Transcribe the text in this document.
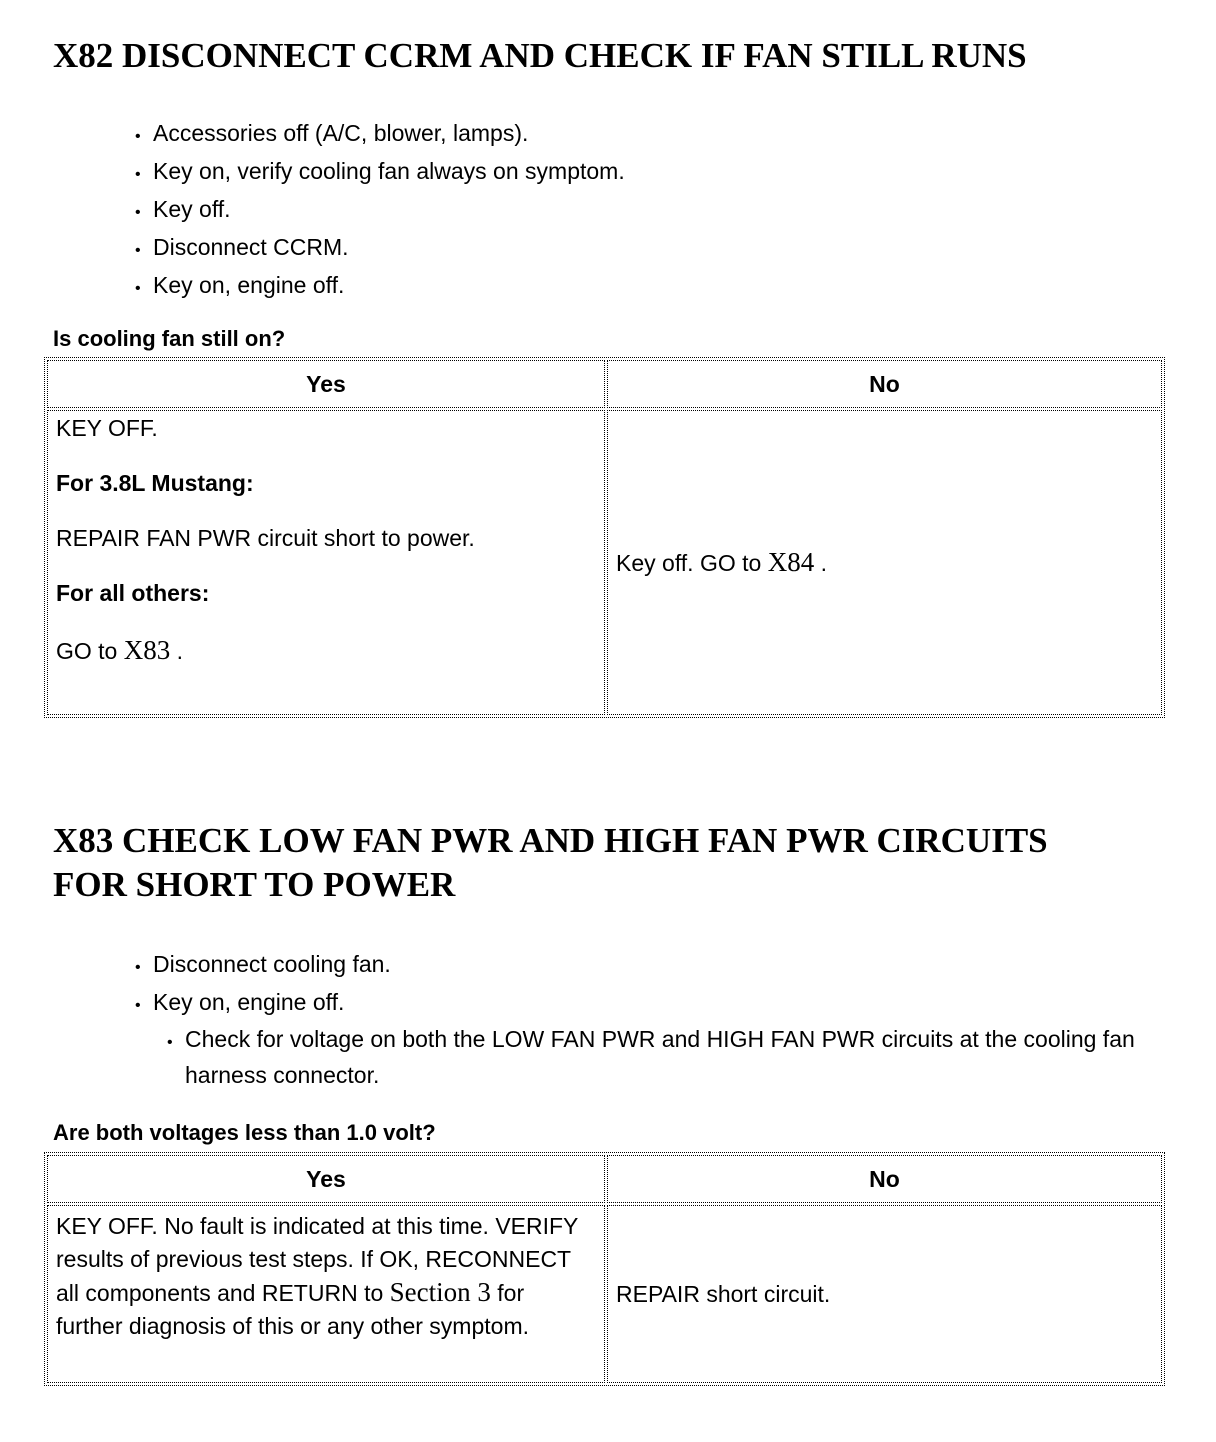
X82 DISCONNECT CCRM AND CHECK IF FAN STILL RUNS
• Accessories off (A/C, blower, lamps).
• Key on, verify cooling fan always on symptom.
• Key off.
• Disconnect CCRM.
• Key on, engine off.

Is cooling fan still on?

Yes	No

KEY OFF.

For 3.8L Mustang:

REPAIR FAN PWR circuit short to power.

For all others:

GO to X83 .	Key off. GO to X84 .
X83 CHECK LOW FAN PWR AND HIGH FAN PWR CIRCUITS
FOR SHORT TO POWER
• Disconnect cooling fan.
• Key on, engine off.
• Check for voltage on both the LOW FAN PWR and HIGH FAN PWR circuits at the cooling fan harness connector.

Are both voltages less than 1.0 volt?

Yes	No
KEY OFF. No fault is indicated at this time. VERIFY results of previous test steps. If OK, RECONNECT all components and RETURN to Section 3 for further diagnosis of this or any other symptom.	REPAIR short circuit.
